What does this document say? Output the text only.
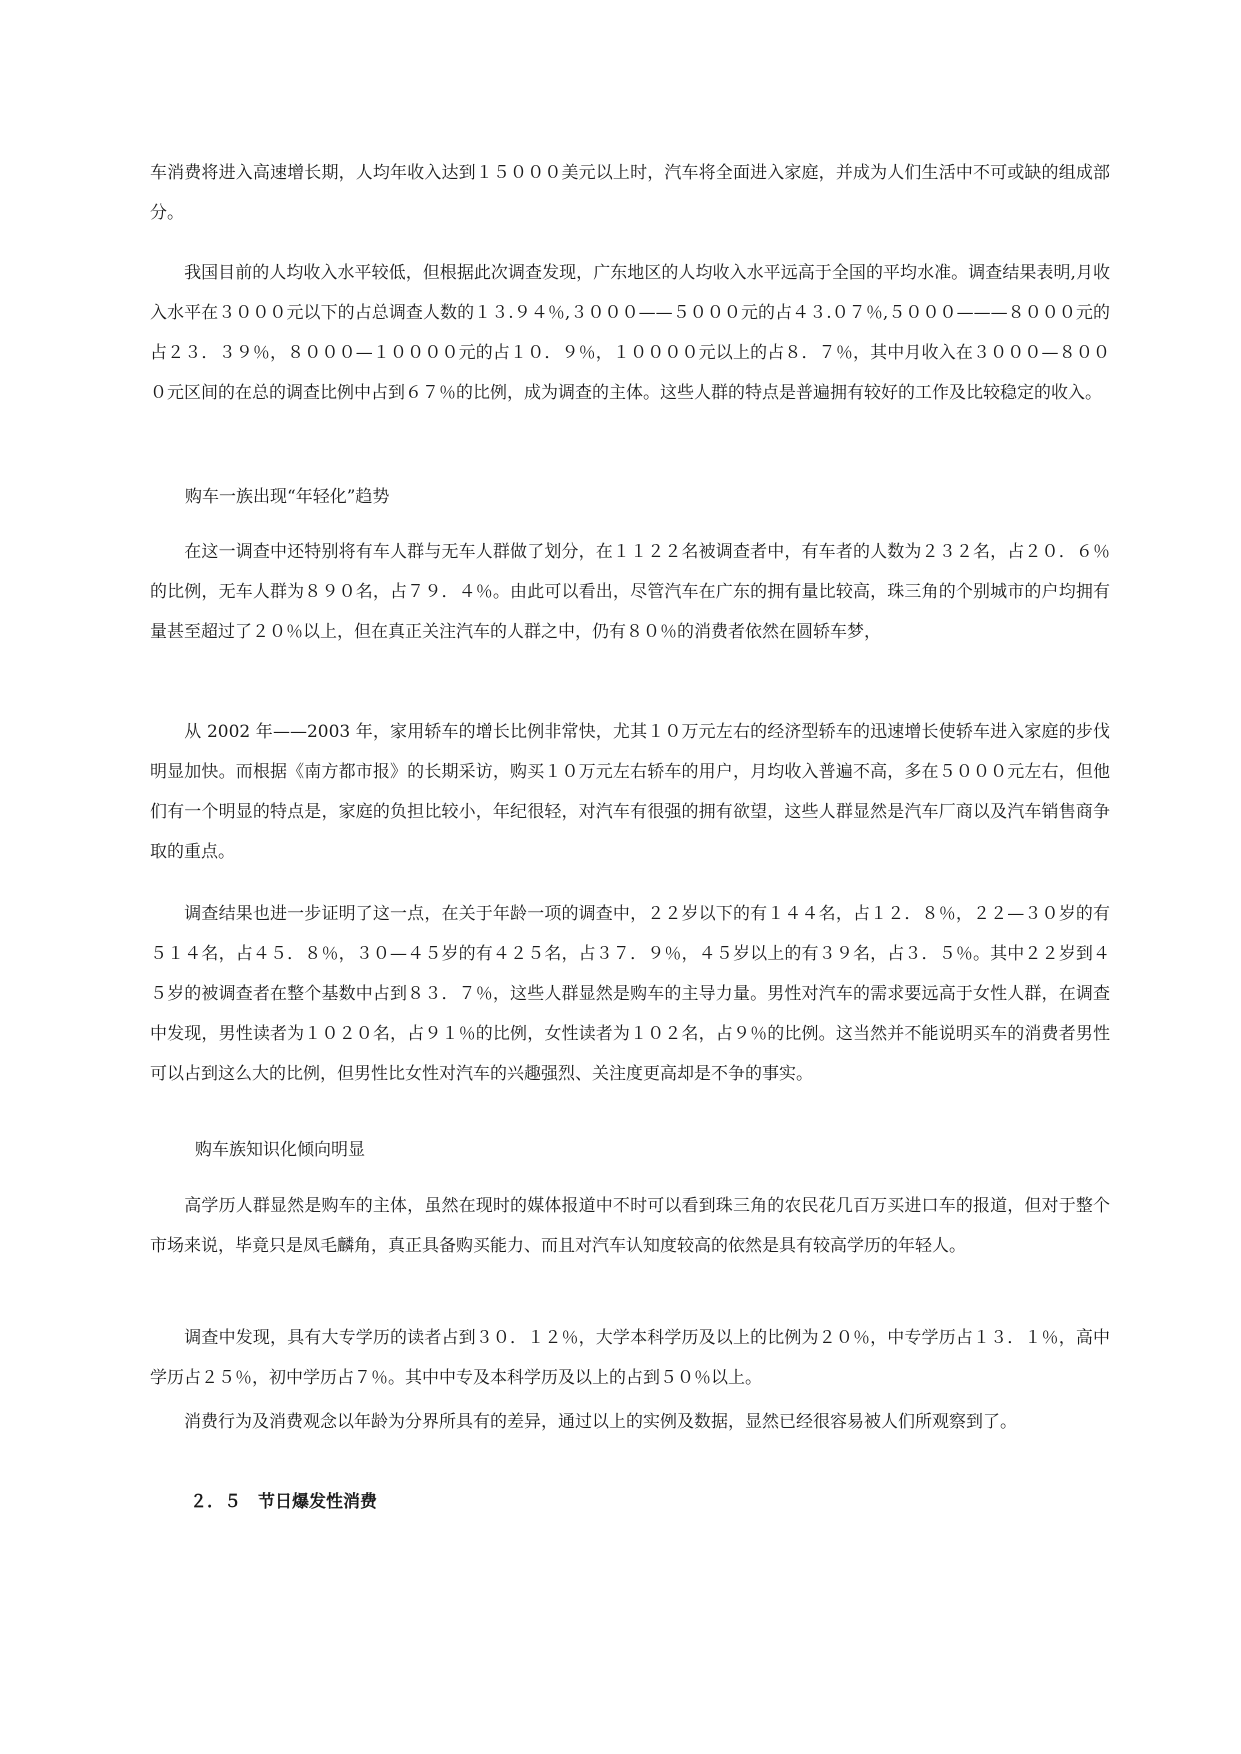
车消费将进入高速增长期，人均年收入达到１５０００美元以上时，汽车将全面进入家庭，并成为人们生活中不可或缺的组成部分。

　　我国目前的人均收入水平较低，但根据此次调查发现，广东地区的人均收入水平远高于全国的平均水准。调查结果表明,月收入水平在３０００元以下的占总调查人数的１３.９４％,３０００——５０００元的占４３.０７％,５０００———８０００元的占２３．３９％，８０００—１００００元的占１０．９％，１００００元以上的占８．７％，其中月收入在３０００—８０００元区间的在总的调查比例中占到６７％的比例，成为调查的主体。这些人群的特点是普遍拥有较好的工作及比较稳定的收入。

购车一族出现“年轻化”趋势

　　在这一调查中还特别将有车人群与无车人群做了划分，在１１２２名被调查者中，有车者的人数为２３２名，占２０．６％的比例，无车人群为８９０名，占７９．４％。由此可以看出，尽管汽车在广东的拥有量比较高，珠三角的个别城市的户均拥有量甚至超过了２０％以上，但在真正关注汽车的人群之中，仍有８０％的消费者依然在圆轿车梦，

　　从 2002 年——2003 年，家用轿车的增长比例非常快，尤其１０万元左右的经济型轿车的迅速增长使轿车进入家庭的步伐明显加快。而根据《南方都市报》的长期采访，购买１０万元左右轿车的用户，月均收入普遍不高，多在５０００元左右，但他们有一个明显的特点是，家庭的负担比较小，年纪很轻，对汽车有很强的拥有欲望，这些人群显然是汽车厂商以及汽车销售商争取的重点。

　　调查结果也进一步证明了这一点，在关于年龄一项的调查中，２２岁以下的有１４４名，占１２．８％，２２—３０岁的有５１４名，占４５．８％，３０—４５岁的有４２５名，占３７．９％，４５岁以上的有３９名，占３．５％。其中２２岁到４５岁的被调查者在整个基数中占到８３．７％，这些人群显然是购车的主导力量。男性对汽车的需求要远高于女性人群，在调查中发现，男性读者为１０２０名，占９１％的比例，女性读者为１０２名，占９％的比例。这当然并不能说明买车的消费者男性可以占到这么大的比例，但男性比女性对汽车的兴趣强烈、关注度更高却是不争的事实。

购车族知识化倾向明显

　　高学历人群显然是购车的主体，虽然在现时的媒体报道中不时可以看到珠三角的农民花几百万买进口车的报道，但对于整个市场来说，毕竟只是凤毛麟角，真正具备购买能力、而且对汽车认知度较高的依然是具有较高学历的年轻人。

　　调查中发现，具有大专学历的读者占到３０．１２％，大学本科学历及以上的比例为２０％，中专学历占１３．１％，高中学历占２５％，初中学历占７％。其中中专及本科学历及以上的占到５０％以上。

　　消费行为及消费观念以年龄为分界所具有的差异，通过以上的实例及数据，显然已经很容易被人们所观察到了。

２．５　节日爆发性消费
